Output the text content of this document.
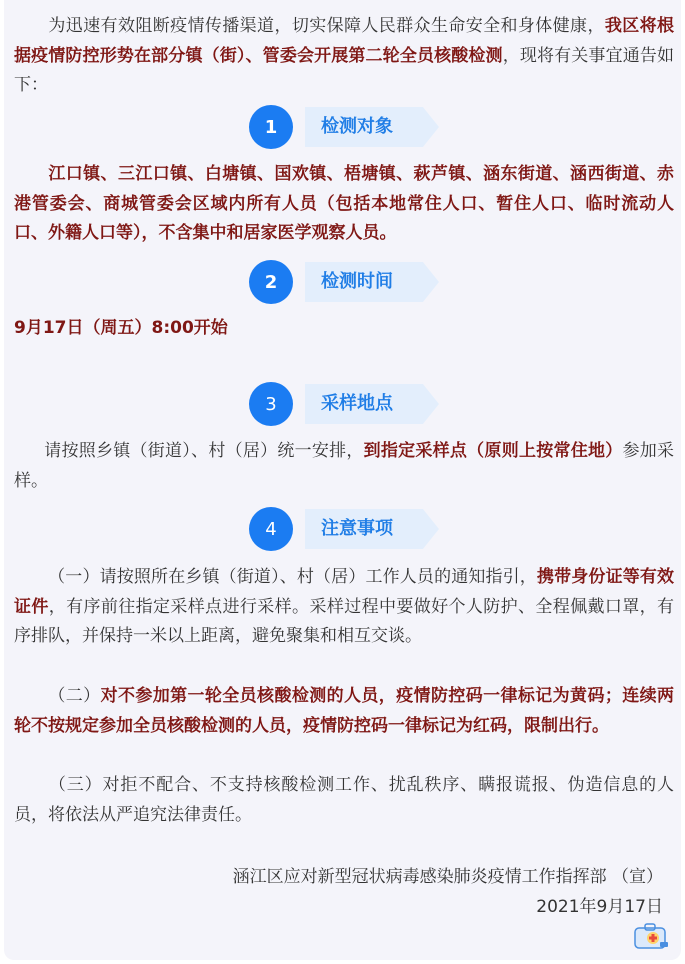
为迅速有效阻断疫情传播渠道，切实保障人民群众生命安全和身体健康，我区将根据疫情防控形势在部分镇（街）、管委会开展第二轮全员核酸检测，现将有关事宜通告如下：

1	检测对象

江口镇、三江口镇、白塘镇、国欢镇、梧塘镇、萩芦镇、涵东街道、涵西街道、赤港管委会、商城管委会区域内所有人员（包括本地常住人口、暂住人口、临时流动人口、外籍人口等），不含集中和居家医学观察人员。

2	检测时间

9月17日（周五）8:00开始

3	采样地点

请按照乡镇（街道）、村（居）统一安排，到指定采样点（原则上按常住地）参加采样。

4	注意事项

（一）请按照所在乡镇（街道）、村（居）工作人员的通知指引，携带身份证等有效证件，有序前往指定采样点进行采样。采样过程中要做好个人防护、全程佩戴口罩，有序排队，并保持一米以上距离，避免聚集和相互交谈。

（二）对不参加第一轮全员核酸检测的人员，疫情防控码一律标记为黄码；连续两轮不按规定参加全员核酸检测的人员，疫情防控码一律标记为红码，限制出行。

（三）对拒不配合、不支持核酸检测工作、扰乱秩序、瞒报谎报、伪造信息的人员，将依法从严追究法律责任。

涵江区应对新型冠状病毒感染肺炎疫情工作指挥部 （宣）
2021年9月17日
